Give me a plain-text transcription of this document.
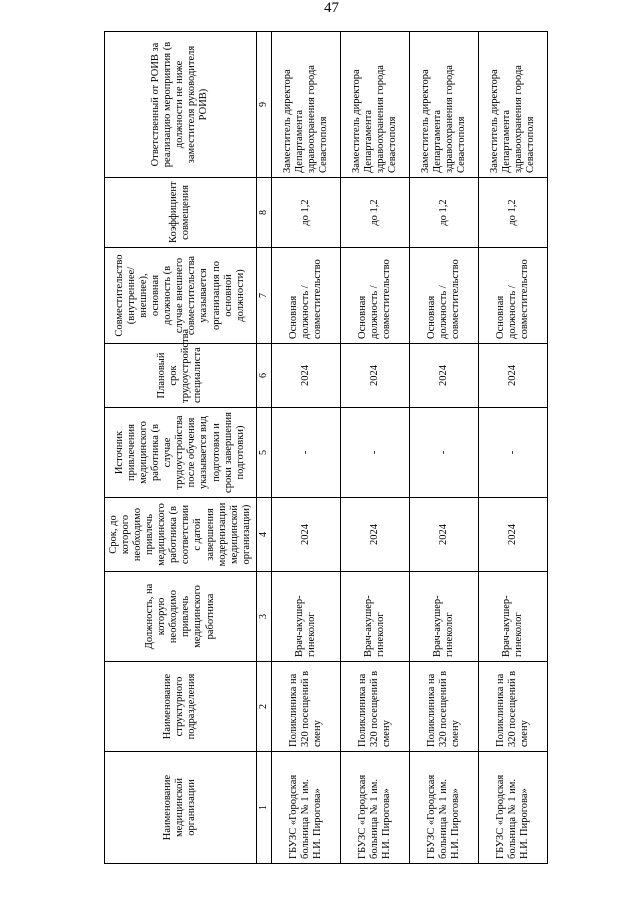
47
Наименование медицинской организации	Наименование структурного подразделения	Должность, на которую необходимо привлечь медицинского работника	Срок, до которого необходимо привлечь медицинского работника (в соответствии с датой завершения модернизации медицинской организации)	Источник привлечения медицинского работника (в случае трудоустройства после обучения указывается вид подготовки и сроки завершения подготовки)	Плановый срок трудоустройства специалиста	Совместительство (внутреннее/внешнее), основная должность (в случае внешнего совместительства указывается организация по основной должности)	Коэффициент совмещения	Ответственный от РОИВ за реализацию мероприятия (в должности не ниже заместителя руководителя РОИВ)
1	2	3	4	5	6	7	8	9
ГБУЗС «Городская больница № 1 им. Н.И. Пирогова»	Поликлиника на 320 посещений в смену	Врач-акушер-гинеколог	2024	-	2024	Основная должность / совместительство	до 1,2	Заместитель директора Департамента здравоохранения города Севастополя
ГБУЗС «Городская больница № 1 им. Н.И. Пирогова»	Поликлиника на 320 посещений в смену	Врач-акушер-гинеколог	2024	-	2024	Основная должность / совместительство	до 1,2	Заместитель директора Департамента здравоохранения города Севастополя
ГБУЗС «Городская больница № 1 им. Н.И. Пирогова»	Поликлиника на 320 посещений в смену	Врач-акушер-гинеколог	2024	-	2024	Основная должность / совместительство	до 1,2	Заместитель директора Департамента здравоохранения города Севастополя
ГБУЗС «Городская больница № 1 им. Н.И. Пирогова»	Поликлиника на 320 посещений в смену	Врач-акушер-гинеколог	2024	-	2024	Основная должность / совместительство	до 1,2	Заместитель директора Департамента здравоохранения города Севастополя
